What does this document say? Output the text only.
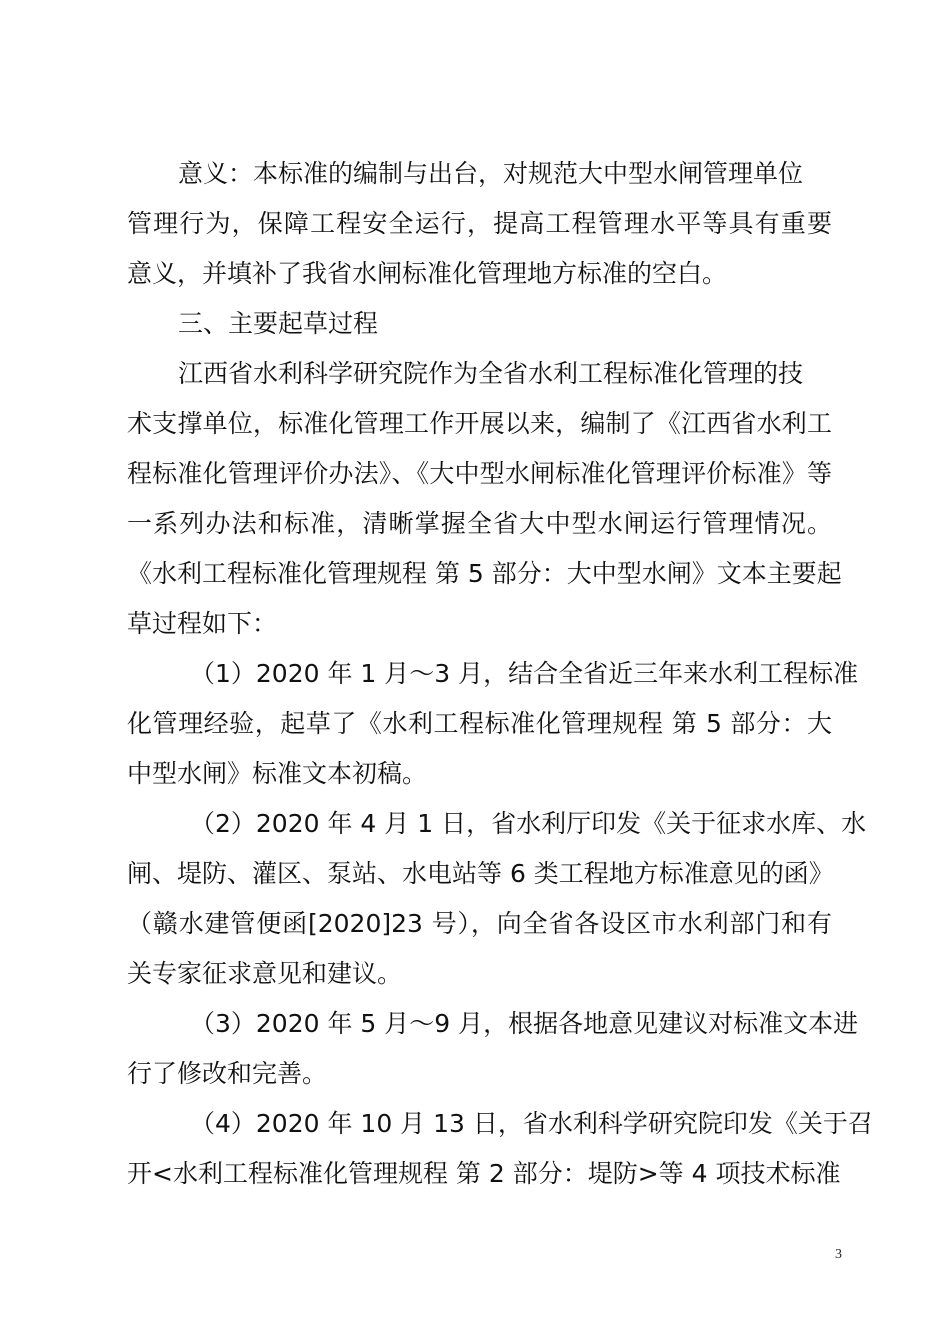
意义：本标准的编制与出台，对规范大中型水闸管理单位
管理行为，保障工程安全运行，提高工程管理水平等具有重要
意义，并填补了我省水闸标准化管理地方标准的空白。
三、主要起草过程
江西省水利科学研究院作为全省水利工程标准化管理的技
术支撑单位，标准化管理工作开展以来，编制了《江西省水利工
程标准化管理评价办法》、《大中型水闸标准化管理评价标准》等
一系列办法和标准，清晰掌握全省大中型水闸运行管理情况。
《水利工程标准化管理规程 第 5 部分：大中型水闸》文本主要起
草过程如下：
（1）2020 年 1 月～3 月，结合全省近三年来水利工程标准
化管理经验，起草了《水利工程标准化管理规程 第 5 部分：大
中型水闸》标准文本初稿。
（2）2020 年 4 月 1 日，省水利厅印发《关于征求水库、水
闸、堤防、灌区、泵站、水电站等 6 类工程地方标准意见的函》
（赣水建管便函[2020]23 号），向全省各设区市水利部门和有
关专家征求意见和建议。
（3）2020 年 5 月～9 月，根据各地意见建议对标准文本进
行了修改和完善。
（4）2020 年 10 月 13 日，省水利科学研究院印发《关于召
开<水利工程标准化管理规程 第 2 部分：堤防>等 4 项技术标准
3
